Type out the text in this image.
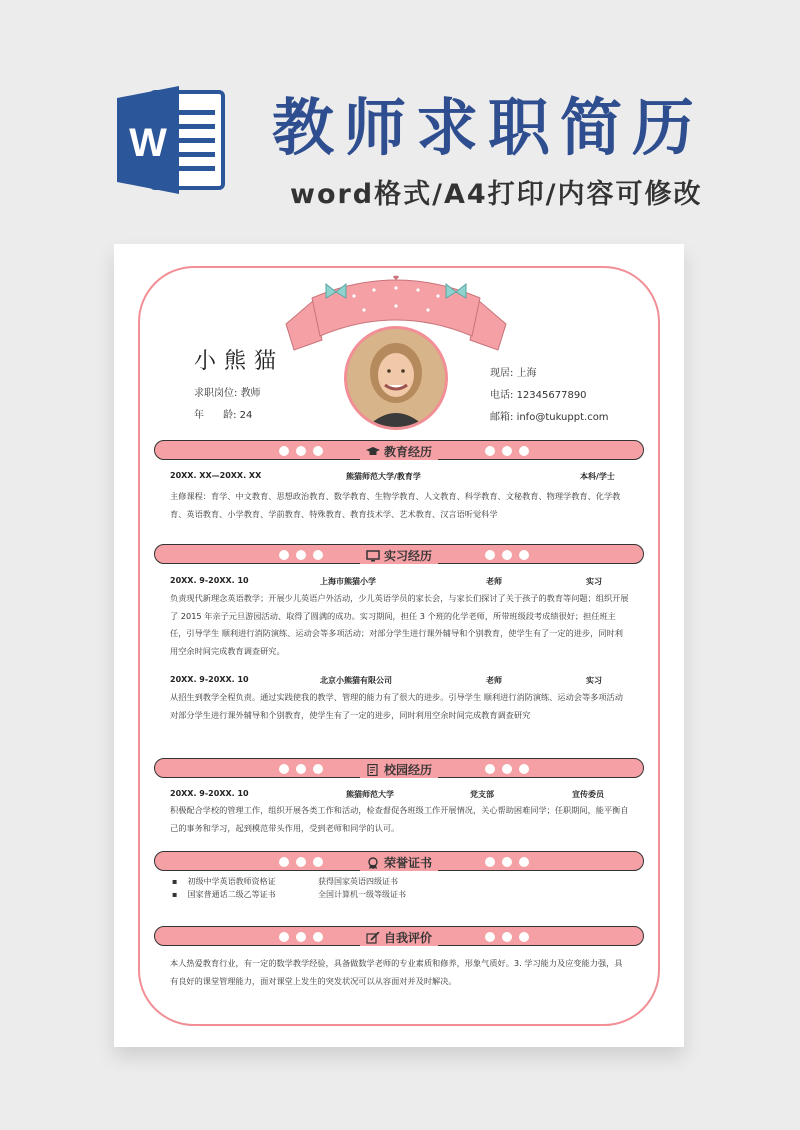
W 教师求职简历
word格式/A4打印/内容可修改
小熊猫
求职岗位: 教师
年      龄: 24
现居: 上海
电话: 12345677890
邮箱: info@tukuppt.com
教育经历
20XX. XX—20XX. XX	熊猫师范大学/教育学	本科/学士
主修课程：育学、中文教育、思想政治教育、数学教育、生物学教育、人文教育、科学教育、文秘教育、物理学教育、化学教育、英语教育、小学教育、学前教育、特殊教育、教育技术学、艺术教育、汉言语听觉科学
实习经历
20XX. 9-20XX. 10	上海市熊猫小学	老师	实习
负责现代新理念英语教学；开展少儿英语户外活动，少儿英语学员的家长会，与家长们探讨了关于孩子的教育等问题；组织开展了 2015 年亲子元旦游园活动、取得了圆满的成功。实习期间，担任 3 个班的化学老师，所带班级段考成绩很好；担任班主任，引导学生 顺利进行消防演练、运动会等多项活动；对部分学生进行课外辅导和个别教育，使学生有了一定的进步，同时利用空余时间完成教育调查研究。
20XX. 9-20XX. 10	北京小熊猫有限公司	老师	实习
从招生到教学全程负责。通过实践使我的教学、管理的能力有了很大的进步。引导学生 顺利进行消防演练、运动会等多项活动 对部分学生进行课外辅导和个别教育，使学生有了一定的进步，同时利用空余时间完成教育调查研究
校园经历
20XX. 9-20XX. 10	熊猫师范大学	党支部	宣传委员
积极配合学校的管理工作，组织开展各类工作和活动，检查督促各班级工作开展情况，关心帮助困难同学；任职期间，能平衡自己的事务和学习，起到模范带头作用，受到老师和同学的认可。
荣誉证书
▪    初级中学英语教师资格证	获得国家英语四级证书
▪    国家普通话二级乙等证书	全国计算机一级等级证书
自我评价
本人热爱教育行业，有一定的数学教学经验，具备做数学老师的专业素质和修养，形象气质好。3. 学习能力及应变能力强，具有良好的课堂管理能力，面对课堂上发生的突发状况可以从容面对并及时解决。
